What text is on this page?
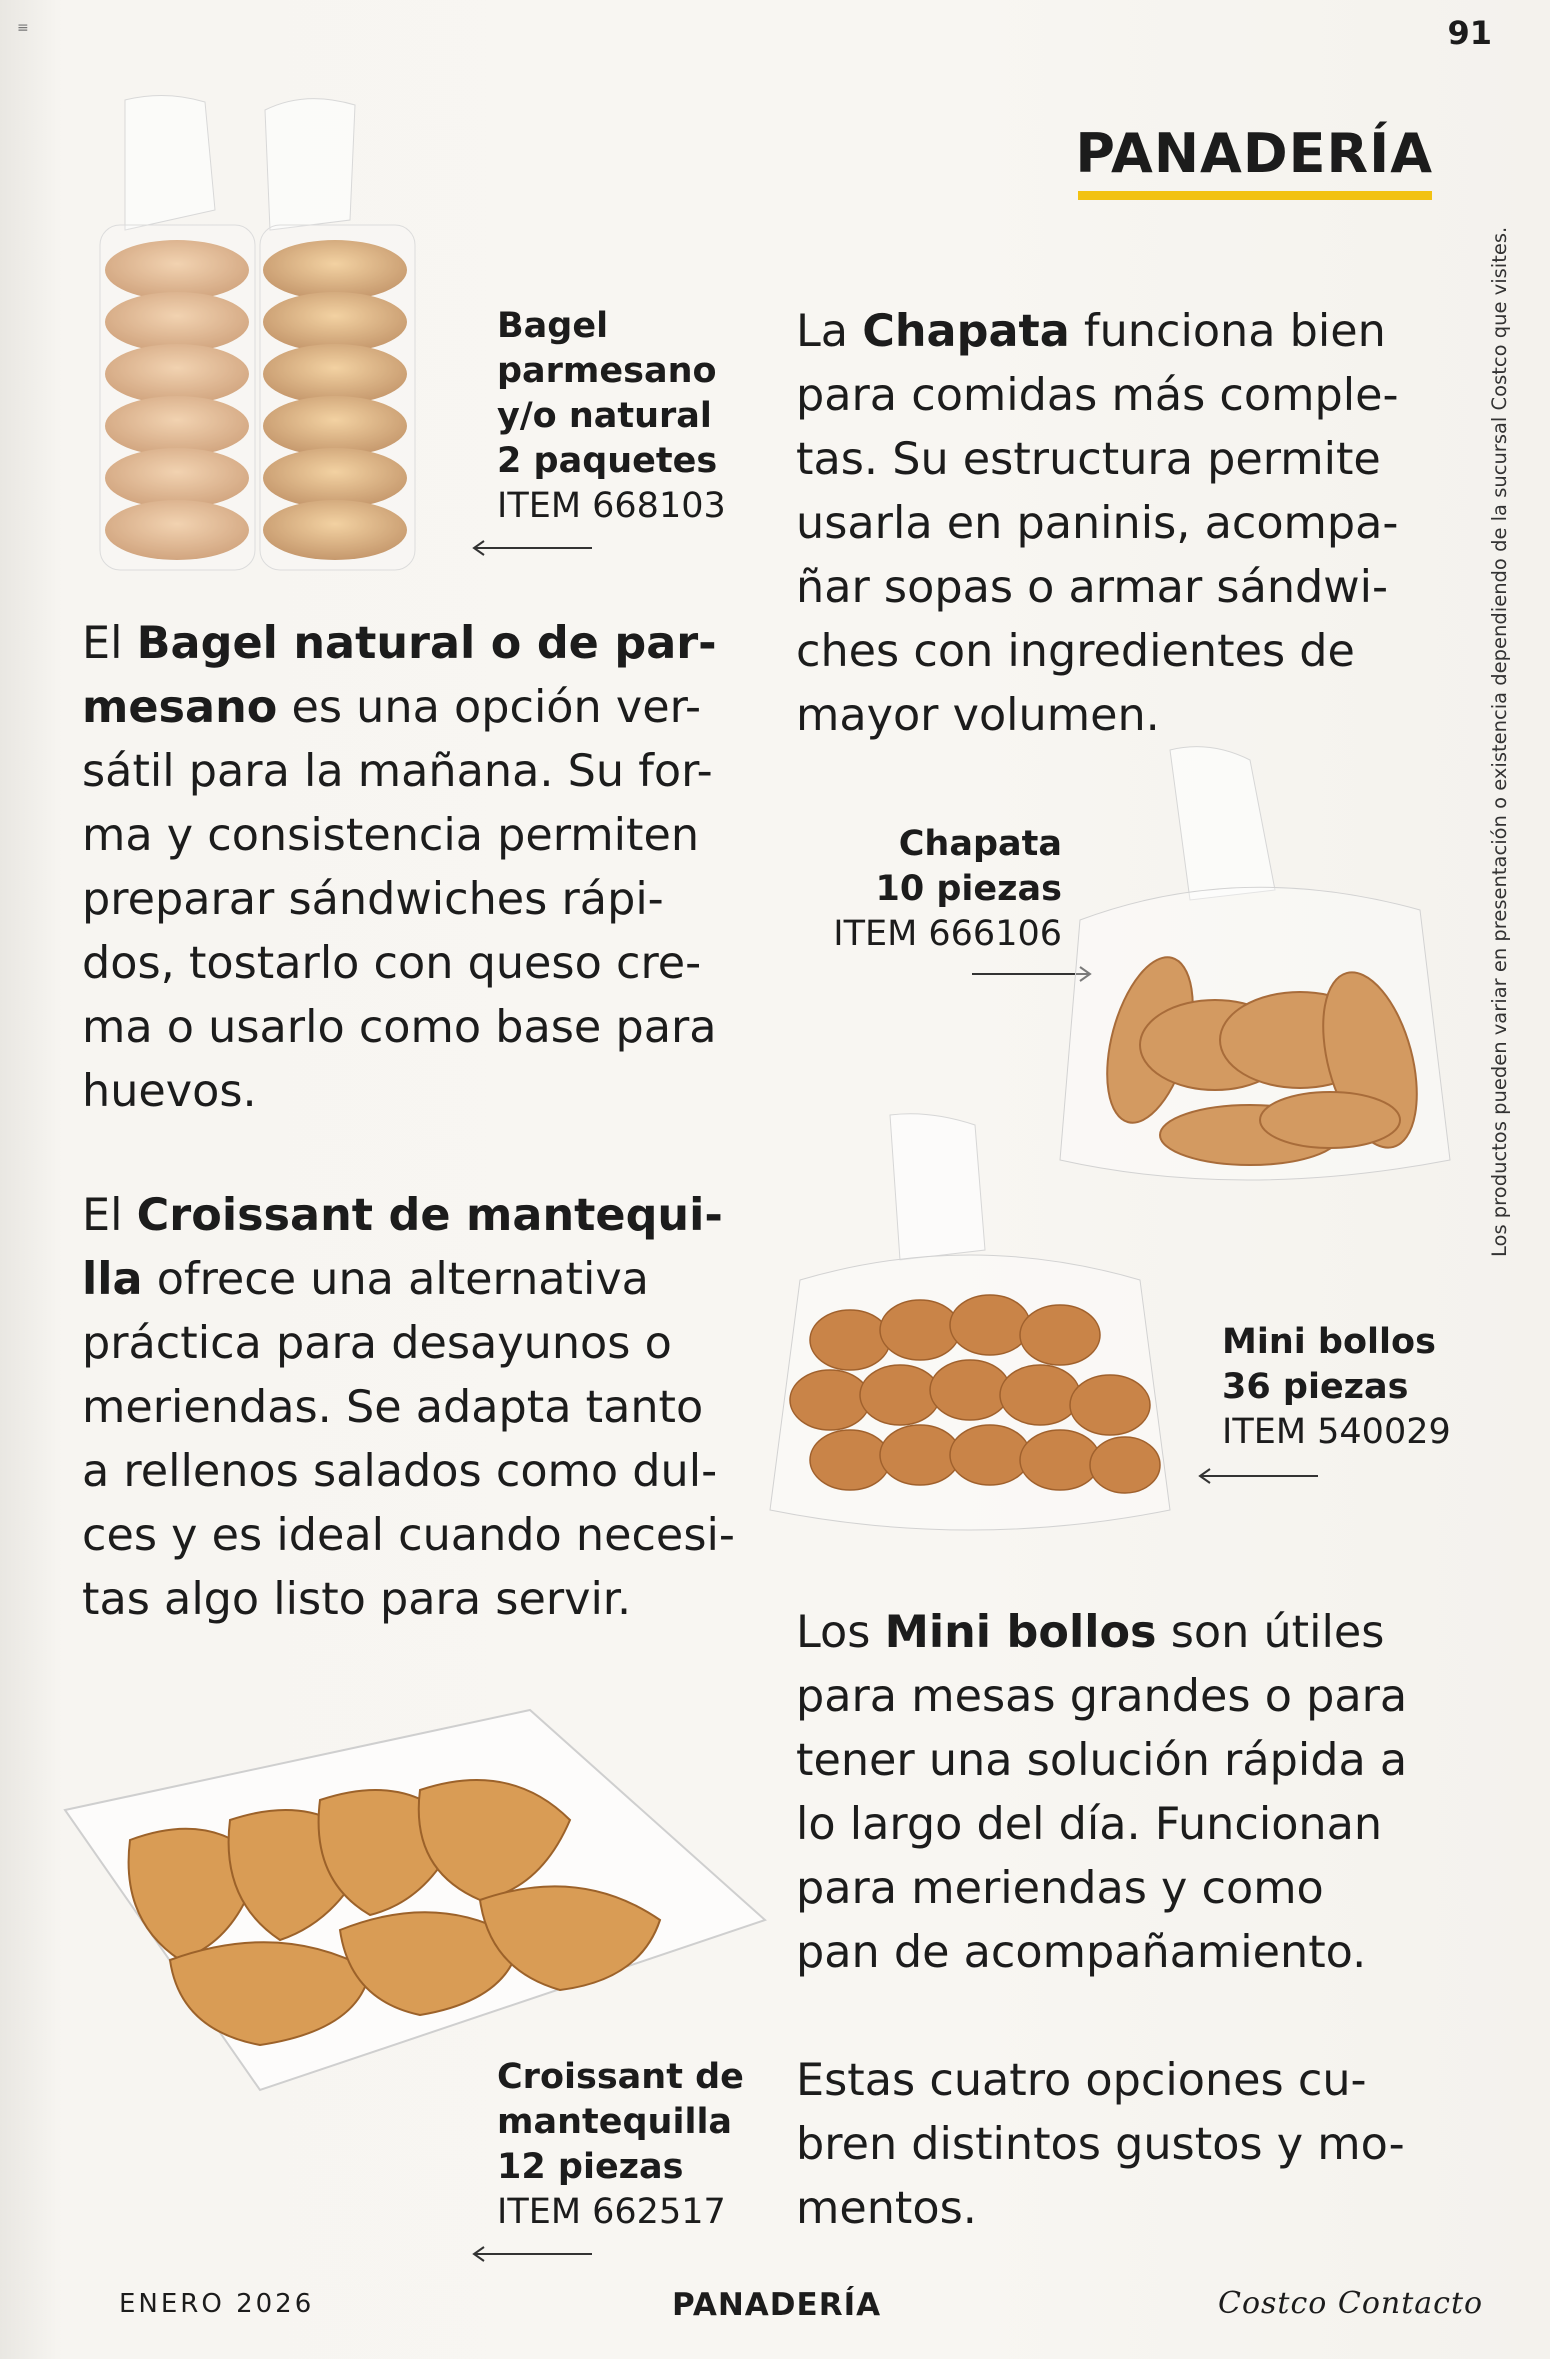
≡	91
PANADERÍA
Los productos pueden variar en presentación o existencia dependiendo de la sucursal Costco que visites.
Bagel
parmesano
y/o natural
2 paquetes
ITEM 668103

El Bagel natural o de par-
mesano es una opción ver-
sátil para la mañana. Su for-
ma y consistencia permiten
preparar sándwiches rápi-
dos, tostarlo con queso cre-
ma o usarlo como base para
huevos.

La Chapata funciona bien
para comidas más comple-
tas. Su estructura permite
usarla en paninis, acompa-
ñar sopas o armar sándwi-
ches con ingredientes de
mayor volumen.

Chapata
10 piezas
ITEM 666106

El Croissant de mantequi-
lla ofrece una alternativa
práctica para desayunos o
meriendas. Se adapta tanto
a rellenos salados como dul-
ces y es ideal cuando necesi-
tas algo listo para servir.

Mini bollos
36 piezas
ITEM 540029

Los Mini bollos son útiles
para mesas grandes o para
tener una solución rápida a
lo largo del día. Funcionan
para meriendas y como
pan de acompañamiento.

Croissant de
mantequilla
12 piezas
ITEM 662517

Estas cuatro opciones cu-
bren distintos gustos y mo-
mentos.

ENERO 2026	PANADERÍA	Costco Contacto
